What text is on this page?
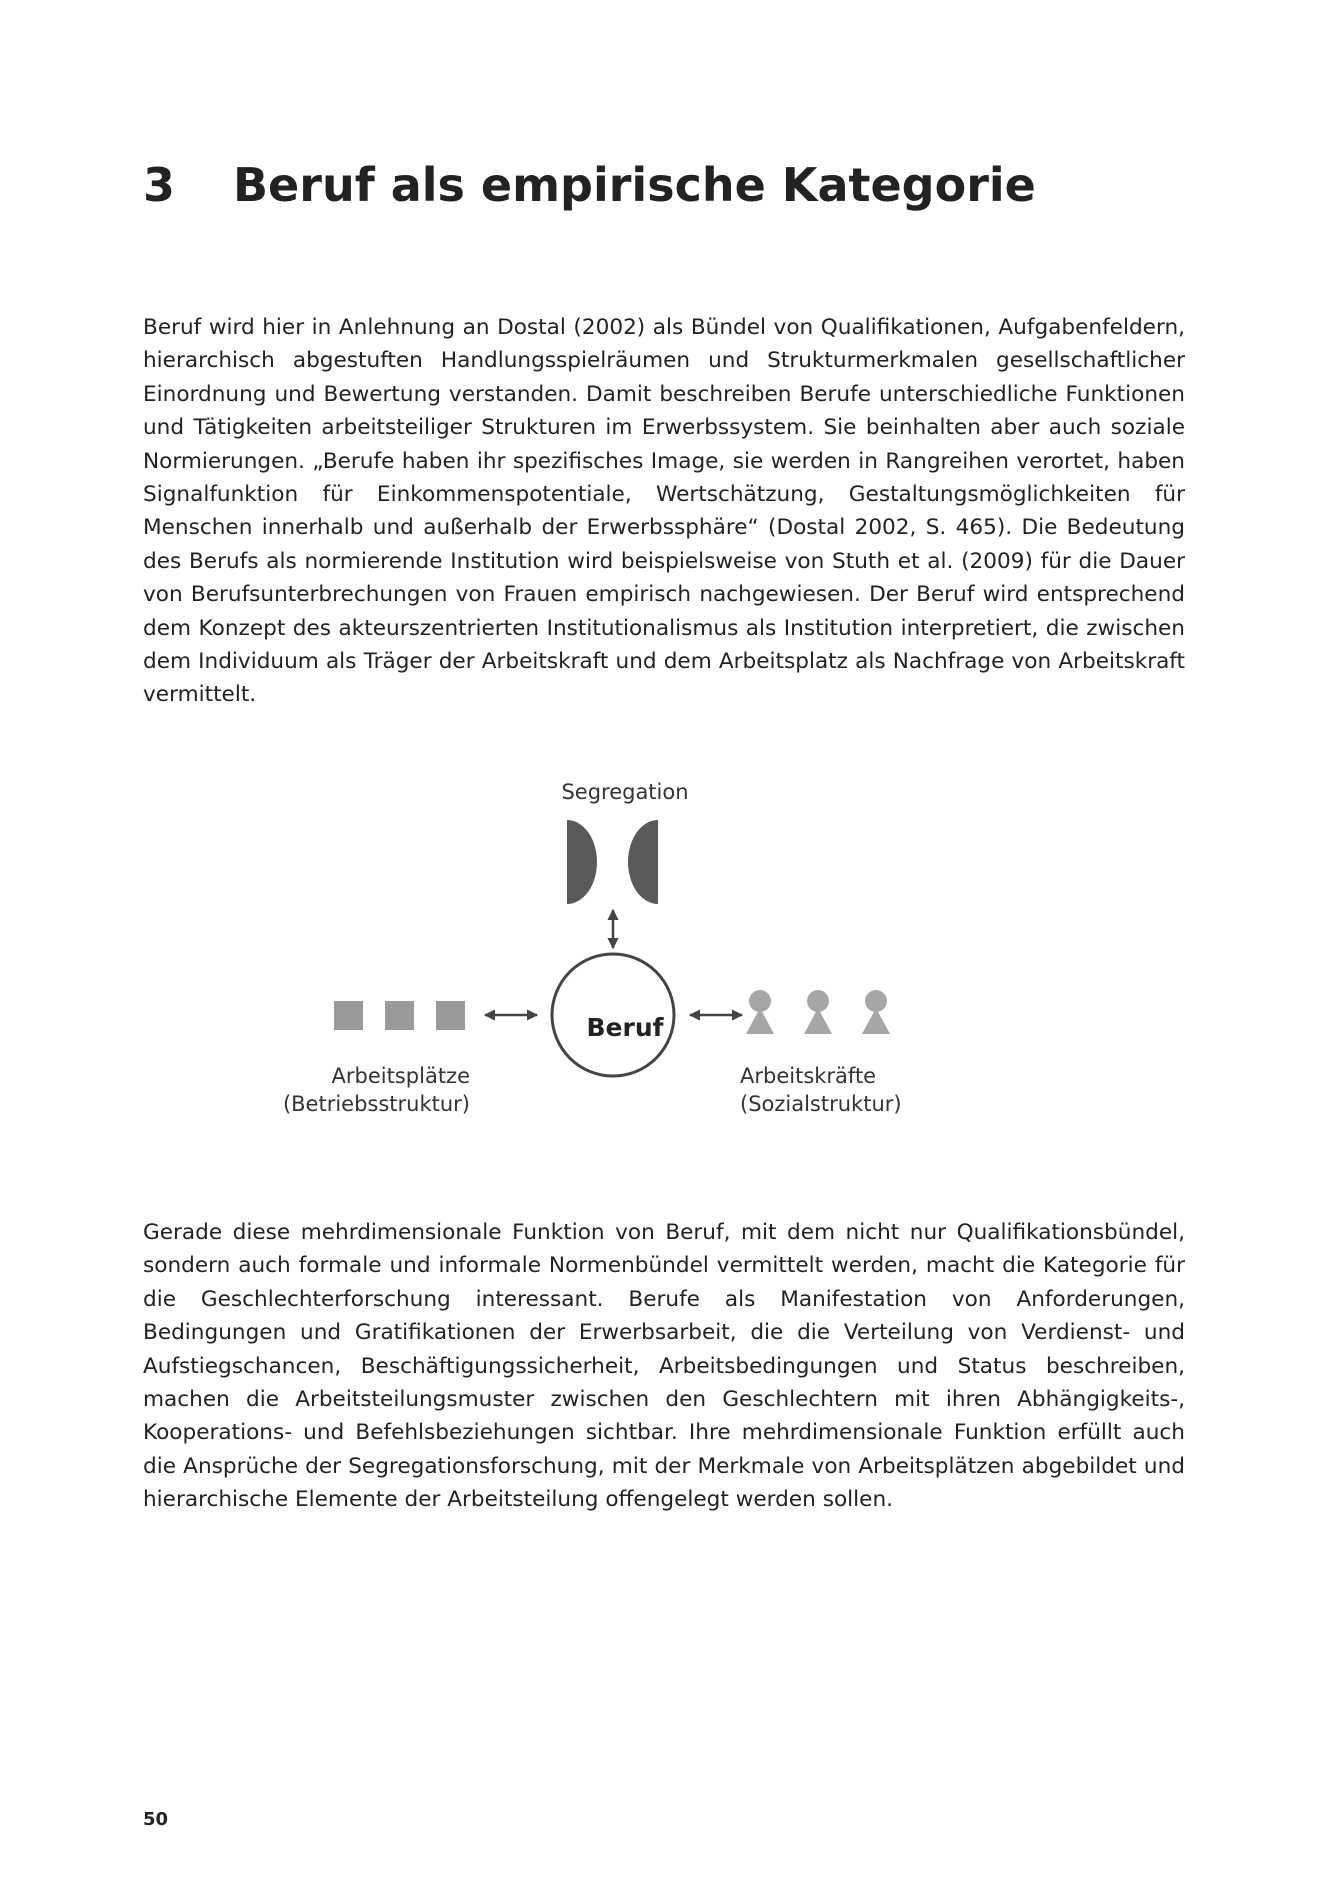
3 Beruf als empirische Kategorie

Beruf wird hier in Anlehnung an Dostal (2002) als Bündel von Qualifikationen, Aufgabenfeldern, hierarchisch abgestuften Handlungsspielräumen und Strukturmerkmalen gesellschaftlicher Einordnung und Bewertung verstanden. Damit beschreiben Berufe unterschiedliche Funktionen und Tätigkeiten arbeitsteiliger Strukturen im Erwerbssystem. Sie beinhalten aber auch soziale Normierungen. „Berufe haben ihr spezifisches Image, sie werden in Rangreihen verortet, haben Signalfunktion für Einkommenspotentiale, Wertschätzung, Gestaltungsmöglichkeiten für Menschen innerhalb und außerhalb der Erwerbssphäre“ (Dostal 2002, S. 465). Die Bedeutung des Berufs als normierende Institution wird beispielsweise von Stuth et al. (2009) für die Dauer von Berufsunterbrechungen von Frauen empirisch nachgewiesen. Der Beruf wird entsprechend dem Konzept des akteurszentrierten Institutionalismus als Institution interpretiert, die zwischen dem Individuum als Träger der Arbeitskraft und dem Arbeitsplatz als Nachfrage von Arbeitskraft vermittelt.

Segregation
Beruf
Arbeitsplätze
(Betriebsstruktur)
Arbeitskräfte
(Sozialstruktur)

Gerade diese mehrdimensionale Funktion von Beruf, mit dem nicht nur Qualifikationsbündel, sondern auch formale und informale Normenbündel vermittelt werden, macht die Kategorie für die Geschlechterforschung interessant. Berufe als Manifestation von Anforderungen, Bedingungen und Gratifikationen der Erwerbsarbeit, die die Verteilung von Verdienst- und Aufstiegschancen, Beschäftigungssicherheit, Arbeitsbedingungen und Status beschreiben, machen die Arbeitsteilungsmuster zwischen den Geschlechtern mit ihren Abhängigkeits-, Kooperations- und Befehlsbeziehungen sichtbar. Ihre mehrdimensionale Funktion erfüllt auch die Ansprüche der Segregationsforschung, mit der Merkmale von Arbeitsplätzen abgebildet und hierarchische Elemente der Arbeitsteilung offengelegt werden sollen.

50
